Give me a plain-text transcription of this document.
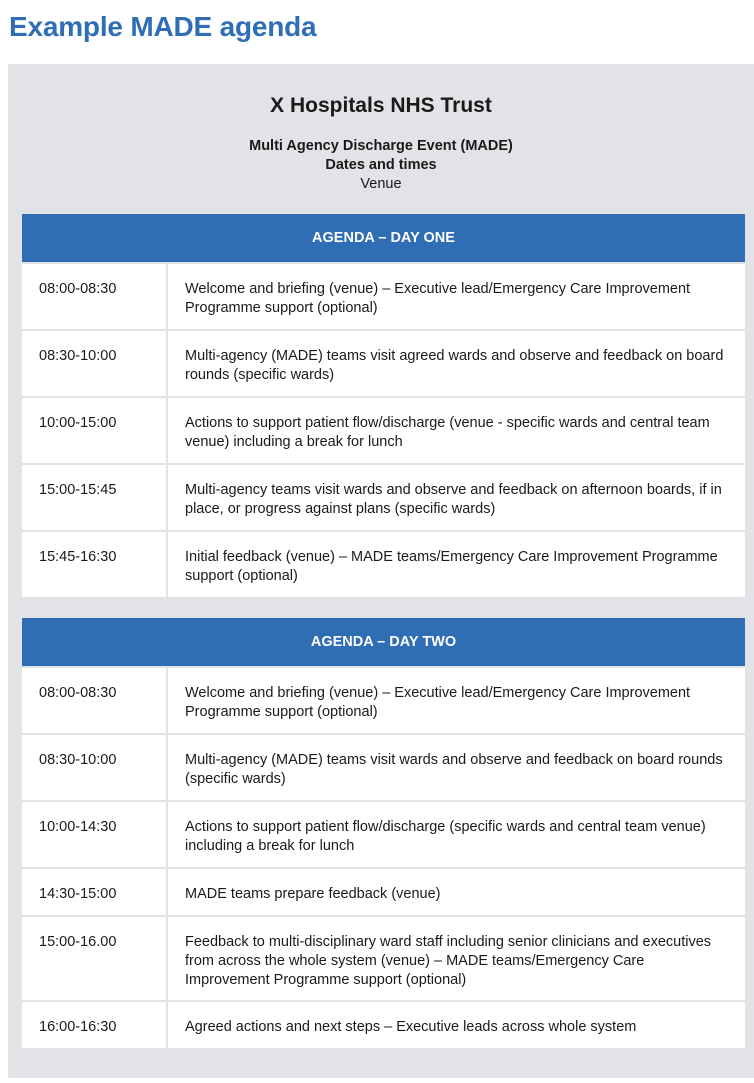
Example MADE agenda
X Hospitals NHS Trust
Multi Agency Discharge Event (MADE)
Dates and times
Venue
AGENDA – DAY ONE
08:00-08:30	Welcome and briefing (venue) – Executive lead/Emergency Care Improvement Programme support (optional)
08:30-10:00	Multi-agency (MADE) teams visit agreed wards and observe and feedback on board rounds (specific wards)
10:00-15:00	Actions to support patient flow/discharge (venue - specific wards and central team venue) including a break for lunch
15:00-15:45	Multi-agency teams visit wards and observe and feedback on afternoon boards, if in place, or progress against plans (specific wards)
15:45-16:30	Initial feedback (venue) – MADE teams/Emergency Care Improvement Programme support (optional)
AGENDA – DAY TWO
08:00-08:30	Welcome and briefing (venue) – Executive lead/Emergency Care Improvement Programme support (optional)
08:30-10:00	Multi-agency (MADE) teams visit wards and observe and feedback on board rounds (specific wards)
10:00-14:30	Actions to support patient flow/discharge (specific wards and central team venue) including a break for lunch
14:30-15:00	MADE teams prepare feedback (venue)
15:00-16.00	Feedback to multi-disciplinary ward staff including senior clinicians and executives from across the whole system (venue) – MADE teams/Emergency Care Improvement Programme support (optional)
16:00-16:30	Agreed actions and next steps – Executive leads across whole system
